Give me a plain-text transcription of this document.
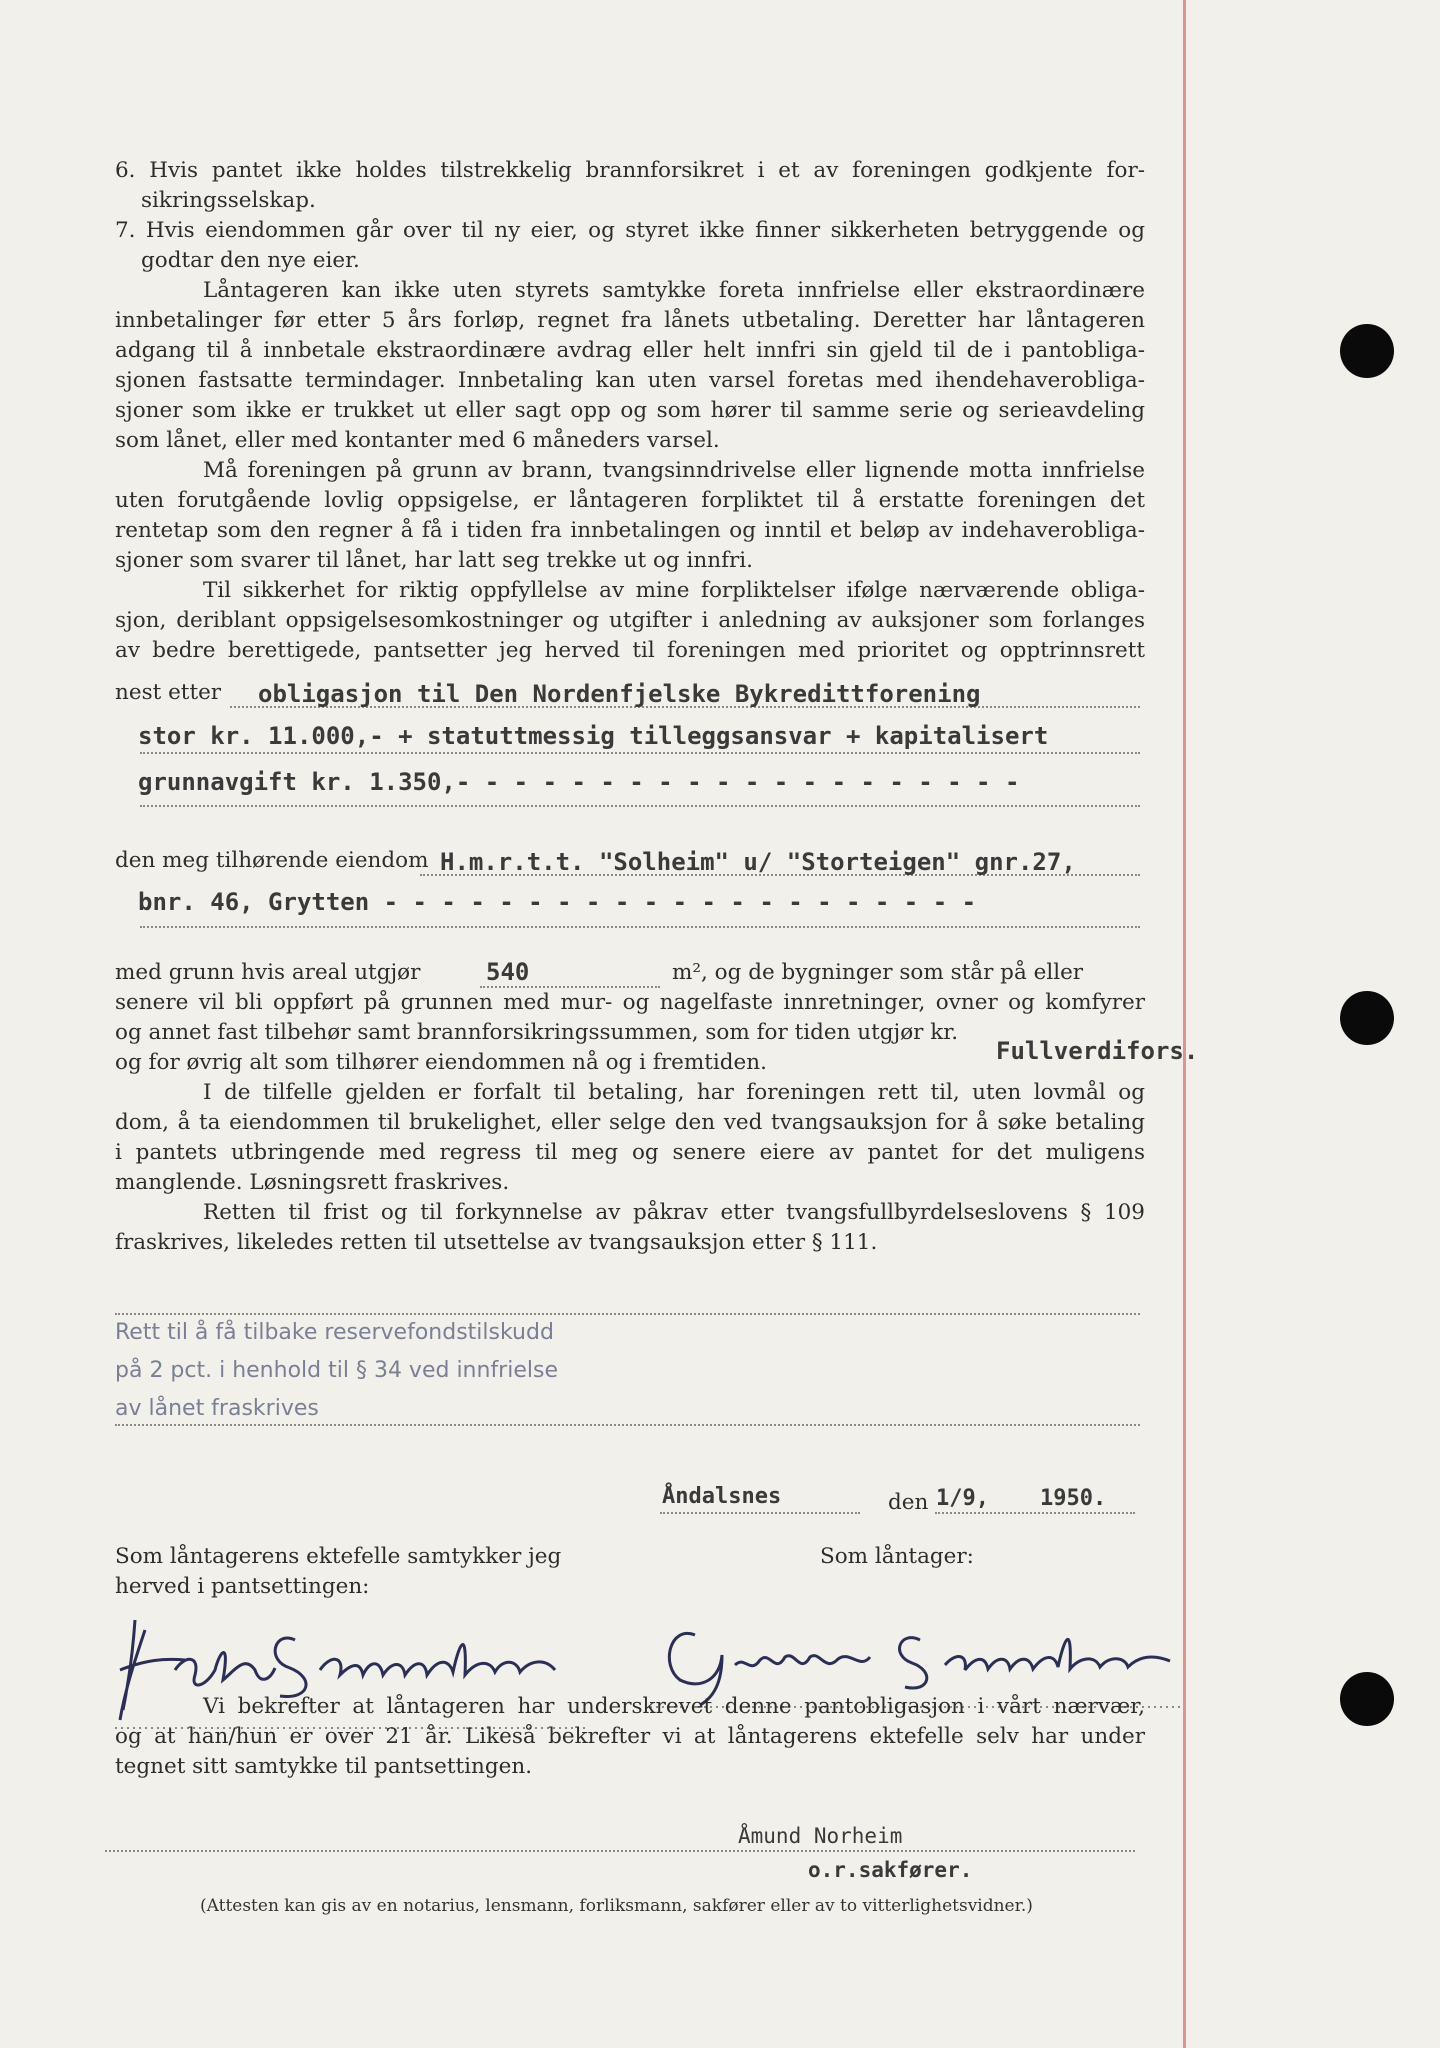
6. Hvis pantet ikke holdes tilstrekkelig brannforsikret i et av foreningen godkjente for-
sikringsselskap.
7. Hvis eiendommen går over til ny eier, og styret ikke finner sikkerheten betryggende og
godtar den nye eier.
Låntageren kan ikke uten styrets samtykke foreta innfrielse eller ekstraordinære
innbetalinger før etter 5 års forløp, regnet fra lånets utbetaling. Deretter har låntageren
adgang til å innbetale ekstraordinære avdrag eller helt innfri sin gjeld til de i pantobliga-
sjonen fastsatte termindager. Innbetaling kan uten varsel foretas med ihendehaverobliga-
sjoner som ikke er trukket ut eller sagt opp og som hører til samme serie og serieavdeling
som lånet, eller med kontanter med 6 måneders varsel.
Må foreningen på grunn av brann, tvangsinndrivelse eller lignende motta innfrielse
uten forutgående lovlig oppsigelse, er låntageren forpliktet til å erstatte foreningen det
rentetap som den regner å få i tiden fra innbetalingen og inntil et beløp av indehaverobliga-
sjoner som svarer til lånet, har latt seg trekke ut og innfri.
Til sikkerhet for riktig oppfyllelse av mine forpliktelser ifølge nærværende obliga-
sjon, deriblant oppsigelsesomkostninger og utgifter i anledning av auksjoner som forlanges
av bedre berettigede, pantsetter jeg herved til foreningen med prioritet og opptrinnsrett
nest etter obligasjon til Den Nordenfjelske Bykredittforening
stor kr. 11.000,- + statuttmessig tilleggsansvar + kapitalisert
grunnavgift kr. 1.350,- - - - - - - - - - - - - - - - - - - -
den meg tilhørende eiendom H.m.r.t.t. "Solheim" u/ "Storteigen" gnr.27,
bnr. 46, Grytten - - - - - - - - - - - - - - - - - - - - -
med grunn hvis areal utgjør	540	m², og de bygninger som står på eller
senere vil bli oppført på grunnen med mur- og nagelfaste innretninger, ovner og komfyrer
og annet fast tilbehør samt brannforsikringssummen, som for tiden utgjør kr.
Fullverdifors.
og for øvrig alt som tilhører eiendommen nå og i fremtiden.
I de tilfelle gjelden er forfalt til betaling, har foreningen rett til, uten lovmål og
dom, å ta eiendommen til brukelighet, eller selge den ved tvangsauksjon for å søke betaling
i pantets utbringende med regress til meg og senere eiere av pantet for det muligens
manglende. Løsningsrett fraskrives.
Retten til frist og til forkynnelse av påkrav etter tvangsfullbyrdelseslovens § 109
fraskrives, likeledes retten til utsettelse av tvangsauksjon etter § 111.
Rett til å få tilbake reservefondstilskudd
på 2 pct. i henhold til § 34 ved innfrielse
av lånet fraskrives
Åndalsnes	den 1/9, 1950.
Som låntagerens ektefelle samtykker jeg
herved i pantsettingen:
Som låntager:
Vi bekrefter at låntageren har underskrevet denne pantobligasjon i vårt nærvær,
og at han/hun er over 21 år. Likeså bekrefter vi at låntagerens ektefelle selv har under
tegnet sitt samtykke til pantsettingen.
Åmund Norheim
o.r.sakfører.
(Attesten kan gis av en notarius, lensmann, forliksmann, sakfører eller av to vitterlighetsvidner.)
